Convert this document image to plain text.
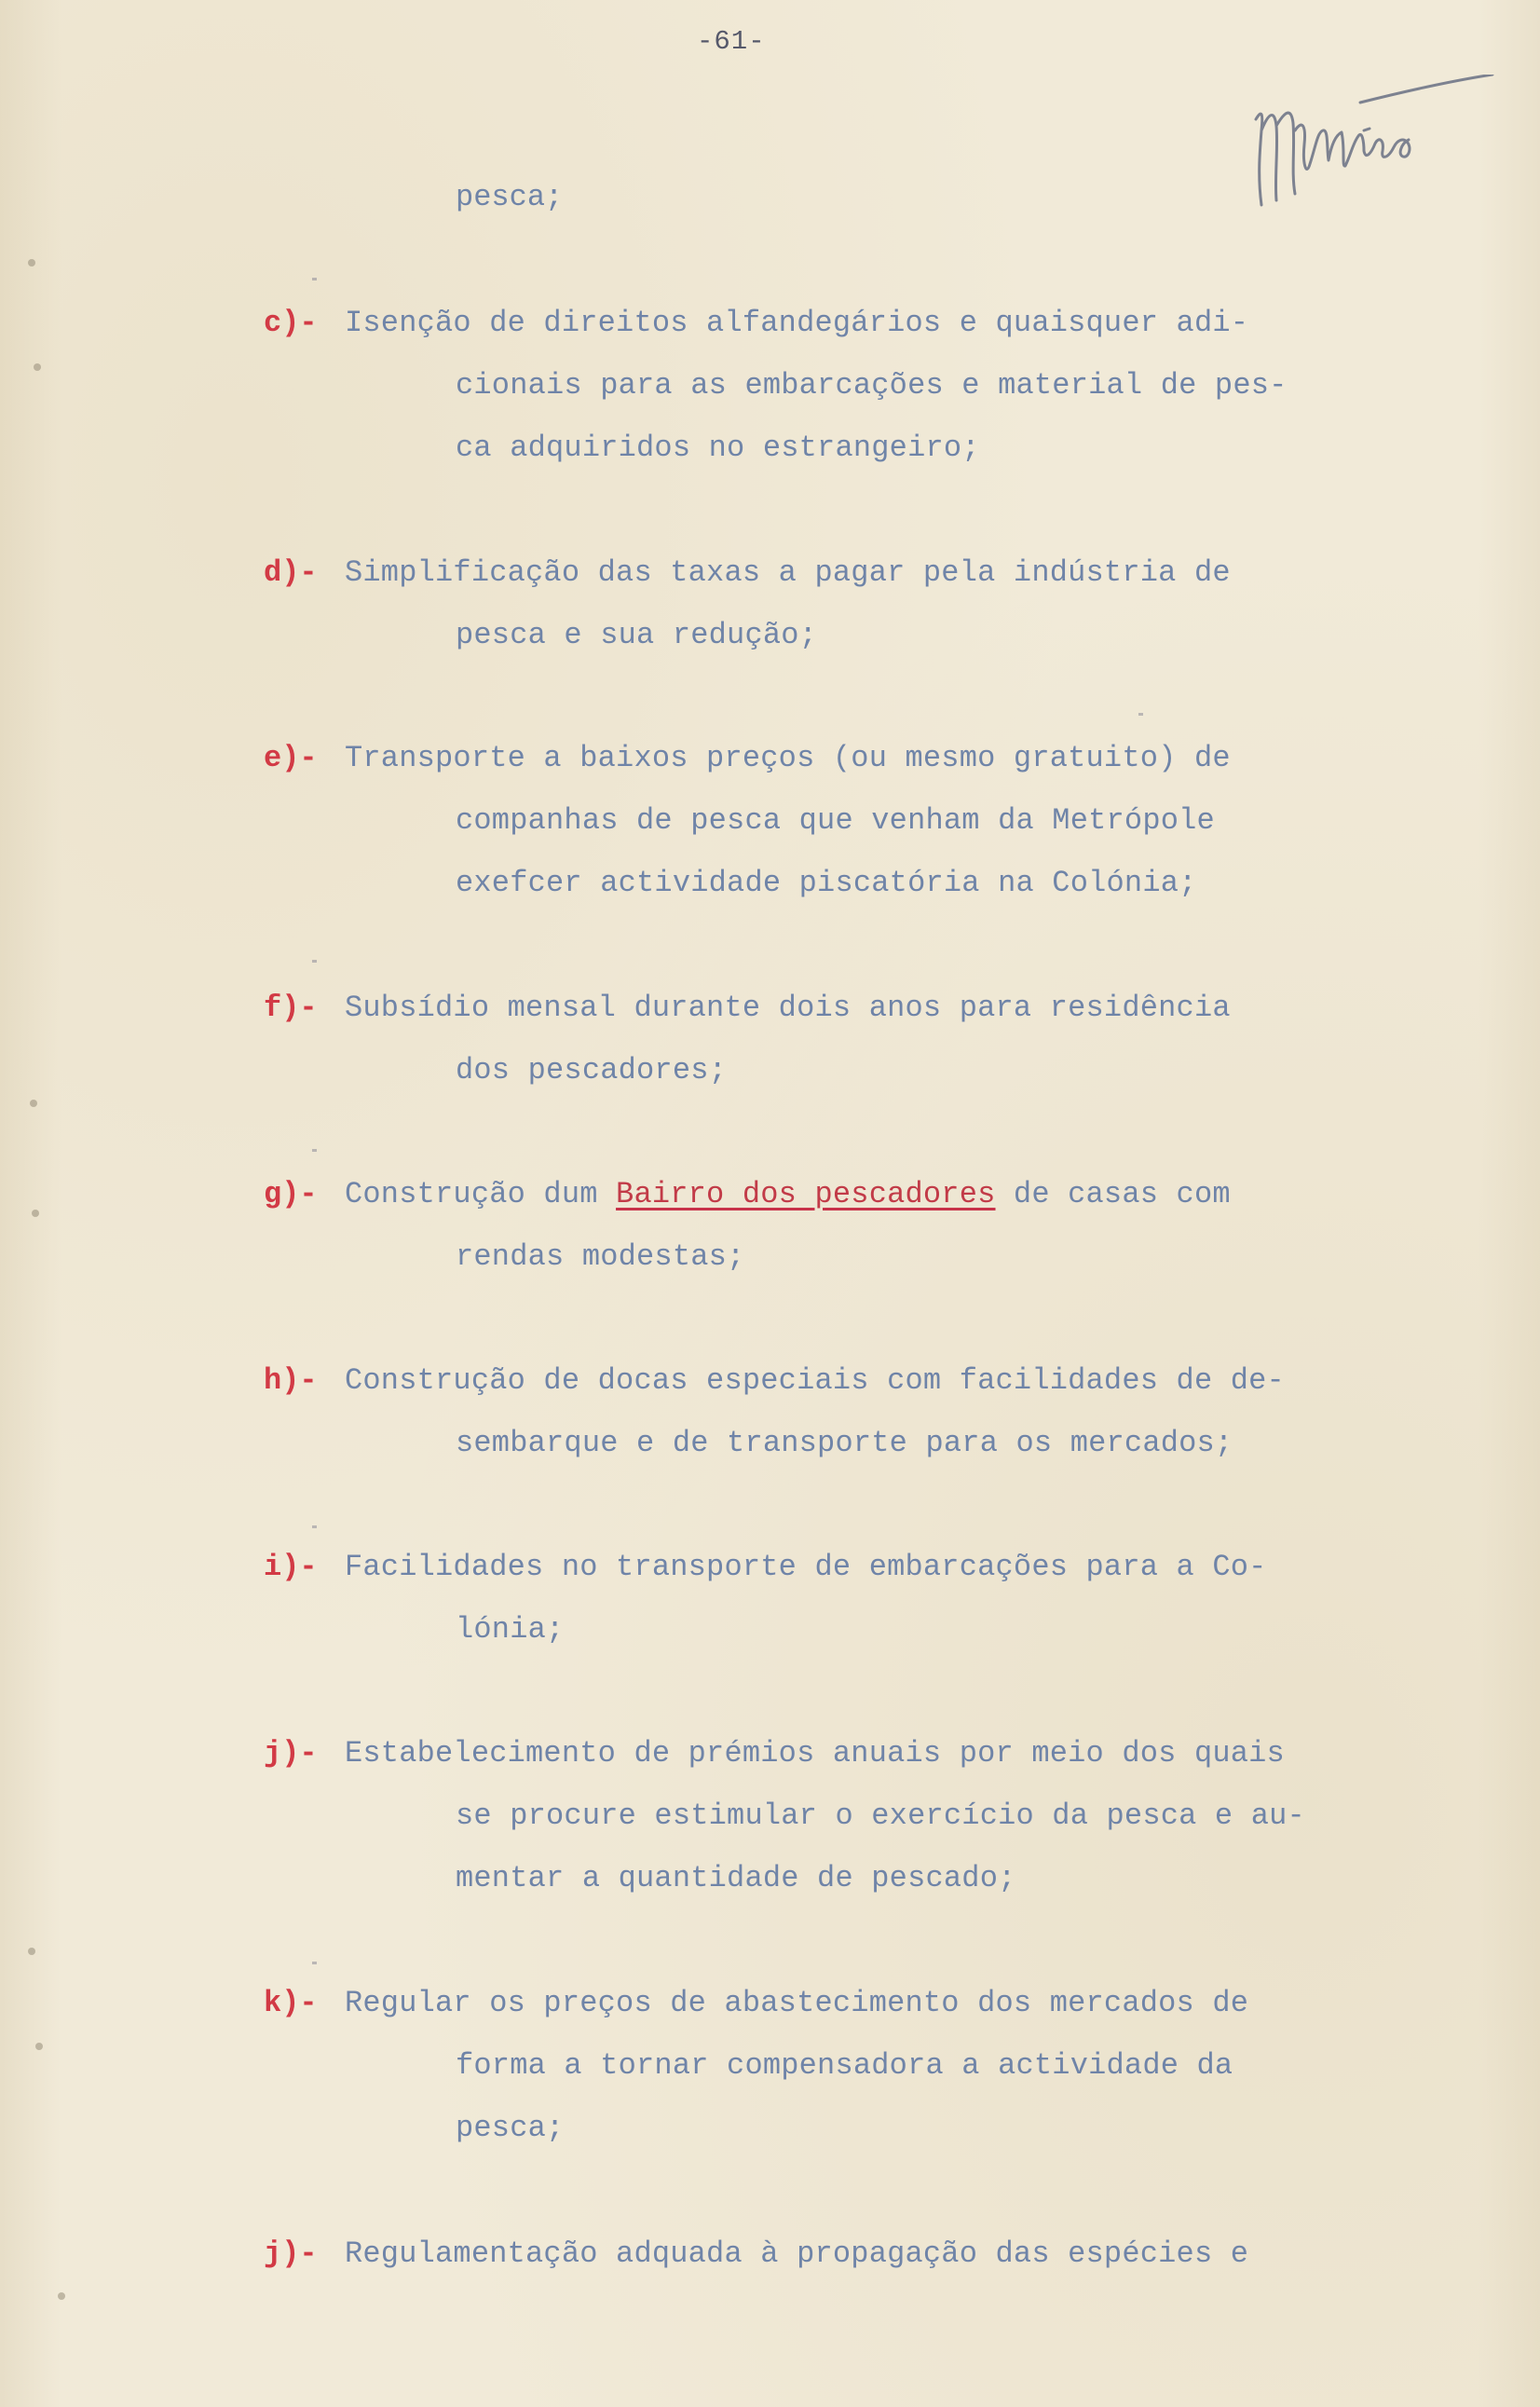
-61-
pesca;
c)- Isenção de direitos alfandegários e quaisquer adi-
cionais para as embarcações e material de pes-
ca adquiridos no estrangeiro;
d)- Simplificação das taxas a pagar pela indústria de
pesca e sua redução;
e)- Transporte a baixos preços (ou mesmo gratuito) de
companhas de pesca que venham da Metrópole
exefcer actividade piscatória na Colónia;
f)- Subsídio mensal durante dois anos para residência
dos pescadores;
g)- Construção dum Bairro dos pescadores de casas com
rendas modestas;
h)- Construção de docas especiais com facilidades de de-
sembarque e de transporte para os mercados;
i)- Facilidades no transporte de embarcações para a Co-
lónia;
j)- Estabelecimento de prémios anuais por meio dos quais
se procure estimular o exercício da pesca e au-
mentar a quantidade de pescado;
k)- Regular os preços de abastecimento dos mercados de
forma a tornar compensadora a actividade da
pesca;
j)- Regulamentação adquada à propagação das espécies e
